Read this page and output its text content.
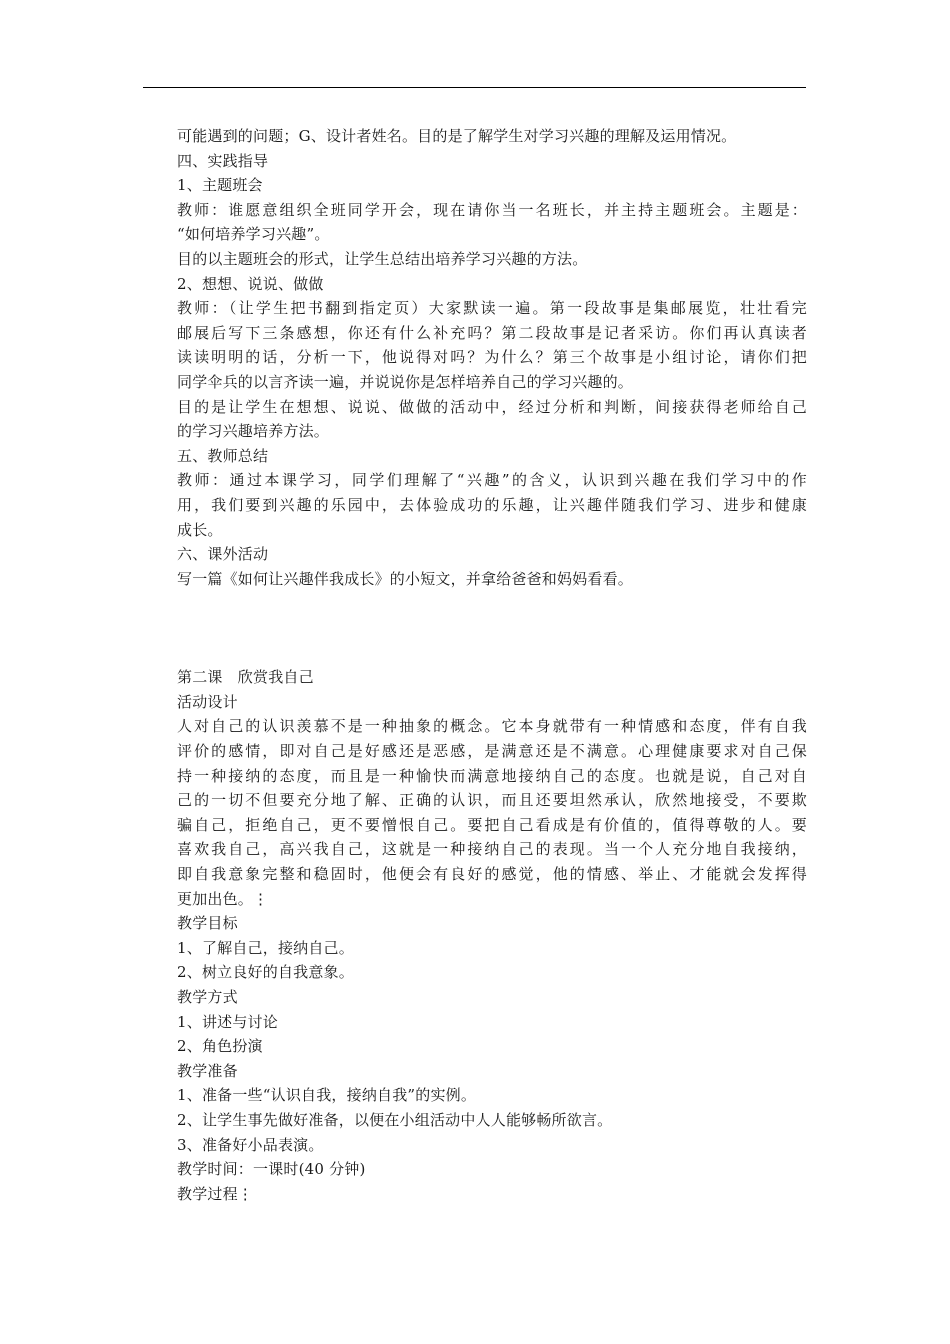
可能遇到的问题；G、设计者姓名。目的是了解学生对学习兴趣的理解及运用情况。
四、实践指导
1、主题班会
教师：谁愿意组织全班同学开会，现在请你当一名班长，并主持主题班会。主题是：
“如何培养学习兴趣”。
目的以主题班会的形式，让学生总结出培养学习兴趣的方法。
2、想想、说说、做做
教师：（让学生把书翻到指定页）大家默读一遍。第一段故事是集邮展览，壮壮看完
邮展后写下三条感想，你还有什么补充吗？第二段故事是记者采访。你们再认真读者
读读明明的话，分析一下，他说得对吗？为什么？第三个故事是小组讨论，请你们把
同学伞兵的以言齐读一遍，并说说你是怎样培养自己的学习兴趣的。
目的是让学生在想想、说说、做做的活动中，经过分析和判断，间接获得老师给自己
的学习兴趣培养方法。
五、教师总结
教师：通过本课学习，同学们理解了“兴趣”的含义，认识到兴趣在我们学习中的作
用，我们要到兴趣的乐园中，去体验成功的乐趣，让兴趣伴随我们学习、进步和健康
成长。
六、课外活动
写一篇《如何让兴趣伴我成长》的小短文，并拿给爸爸和妈妈看看。
第二课　欣赏我自己
活动设计
人对自己的认识羡慕不是一种抽象的概念。它本身就带有一种情感和态度，伴有自我
评价的感情，即对自己是好感还是恶感，是满意还是不满意。心理健康要求对自己保
持一种接纳的态度，而且是一种愉快而满意地接纳自己的态度。也就是说，自己对自
己的一切不但要充分地了解、正确的认识，而且还要坦然承认，欣然地接受，不要欺
骗自己，拒绝自己，更不要憎恨自己。要把自己看成是有价值的，值得尊敬的人。要
喜欢我自己，高兴我自己，这就是一种接纳自己的表现。当一个人充分地自我接纳，
即自我意象完整和稳固时，他便会有良好的感觉，他的情感、举止、才能就会发挥得
更加出色。⋮
教学目标
1、了解自己，接纳自己。
2、树立良好的自我意象。
教学方式
1、讲述与讨论
2、角色扮演
教学准备
1、准备一些“认识自我，接纳自我”的实例。
2、让学生事先做好准备，以便在小组活动中人人能够畅所欲言。
3、准备好小品表演。
教学时间：一课时(40 分钟)
教学过程⋮
